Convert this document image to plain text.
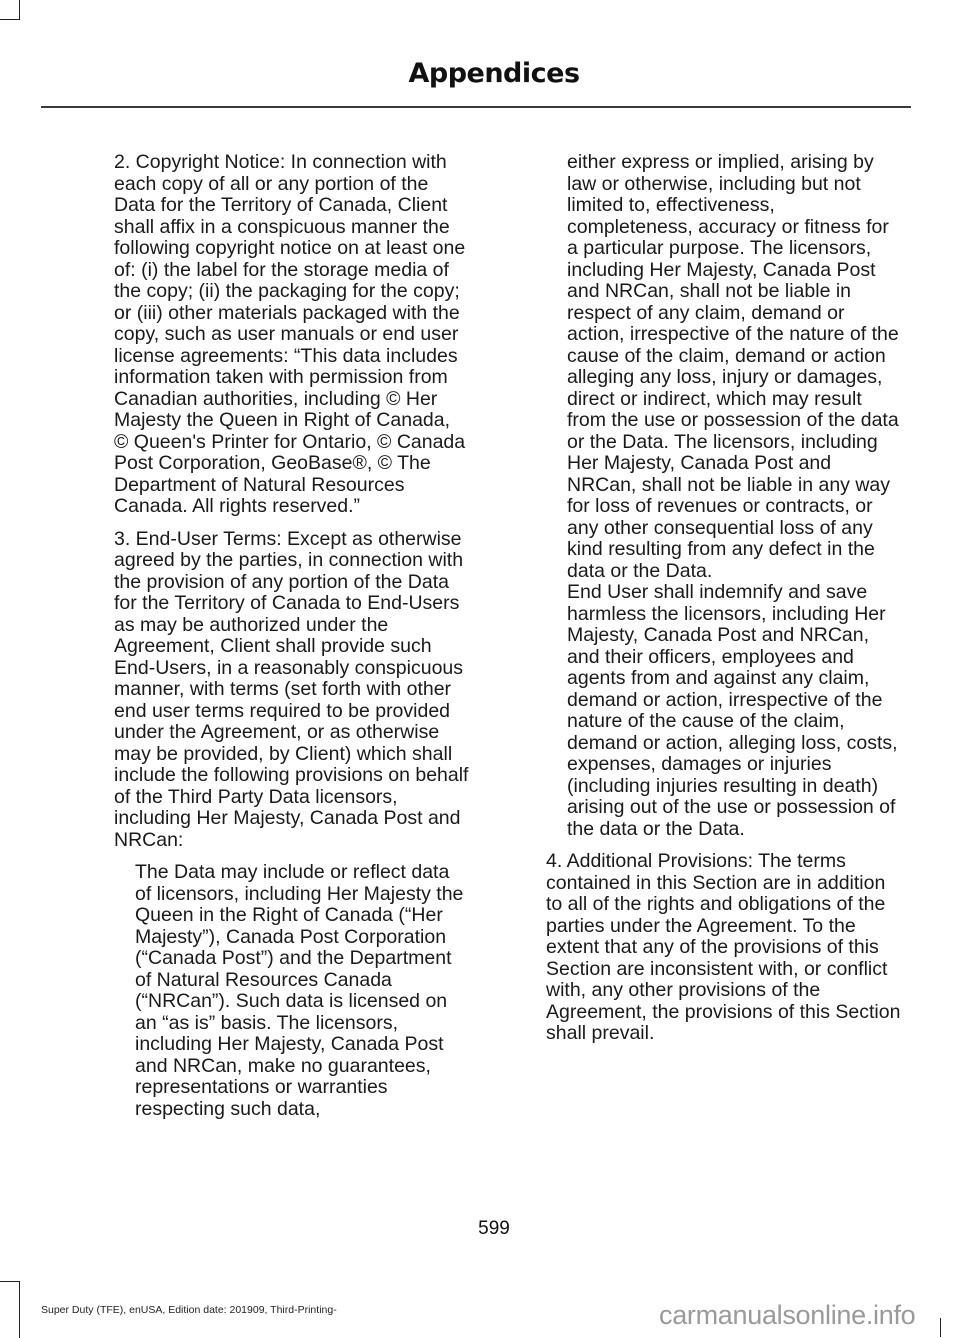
Appendices

2. Copyright Notice: In connection with each copy of all or any portion of the Data for the Territory of Canada, Client shall affix in a conspicuous manner the following copyright notice on at least one of: (i) the label for the storage media of the copy; (ii) the packaging for the copy; or (iii) other materials packaged with the copy, such as user manuals or end user license agreements: “This data includes information taken with permission from Canadian authorities, including © Her Majesty the Queen in Right of Canada, © Queen's Printer for Ontario, © Canada Post Corporation, GeoBase®, © The Department of Natural Resources Canada. All rights reserved.”

3. End-User Terms: Except as otherwise agreed by the parties, in connection with the provision of any portion of the Data for the Territory of Canada to End-Users as may be authorized under the Agreement, Client shall provide such End-Users, in a reasonably conspicuous manner, with terms (set forth with other end user terms required to be provided under the Agreement, or as otherwise may be provided, by Client) which shall include the following provisions on behalf of the Third Party Data licensors, including Her Majesty, Canada Post and NRCan:

The Data may include or reflect data of licensors, including Her Majesty the Queen in the Right of Canada (“Her Majesty”), Canada Post Corporation (“Canada Post”) and the Department of Natural Resources Canada (“NRCan”). Such data is licensed on an “as is” basis. The licensors, including Her Majesty, Canada Post and NRCan, make no guarantees, representations or warranties respecting such data,

either express or implied, arising by law or otherwise, including but not limited to, effectiveness, completeness, accuracy or fitness for a particular purpose. The licensors, including Her Majesty, Canada Post and NRCan, shall not be liable in respect of any claim, demand or action, irrespective of the nature of the cause of the claim, demand or action alleging any loss, injury or damages, direct or indirect, which may result from the use or possession of the data or the Data. The licensors, including Her Majesty, Canada Post and NRCan, shall not be liable in any way for loss of revenues or contracts, or any other consequential loss of any kind resulting from any defect in the data or the Data.

End User shall indemnify and save harmless the licensors, including Her Majesty, Canada Post and NRCan, and their officers, employees and agents from and against any claim, demand or action, irrespective of the nature of the cause of the claim, demand or action, alleging loss, costs, expenses, damages or injuries (including injuries resulting in death) arising out of the use or possession of the data or the Data.

4. Additional Provisions: The terms contained in this Section are in addition to all of the rights and obligations of the parties under the Agreement. To the extent that any of the provisions of this Section are inconsistent with, or conflict with, any other provisions of the Agreement, the provisions of this Section shall prevail.

599
Super Duty (TFE), enUSA, Edition date: 201909, Third-Printing-	carmanualsonline.info
